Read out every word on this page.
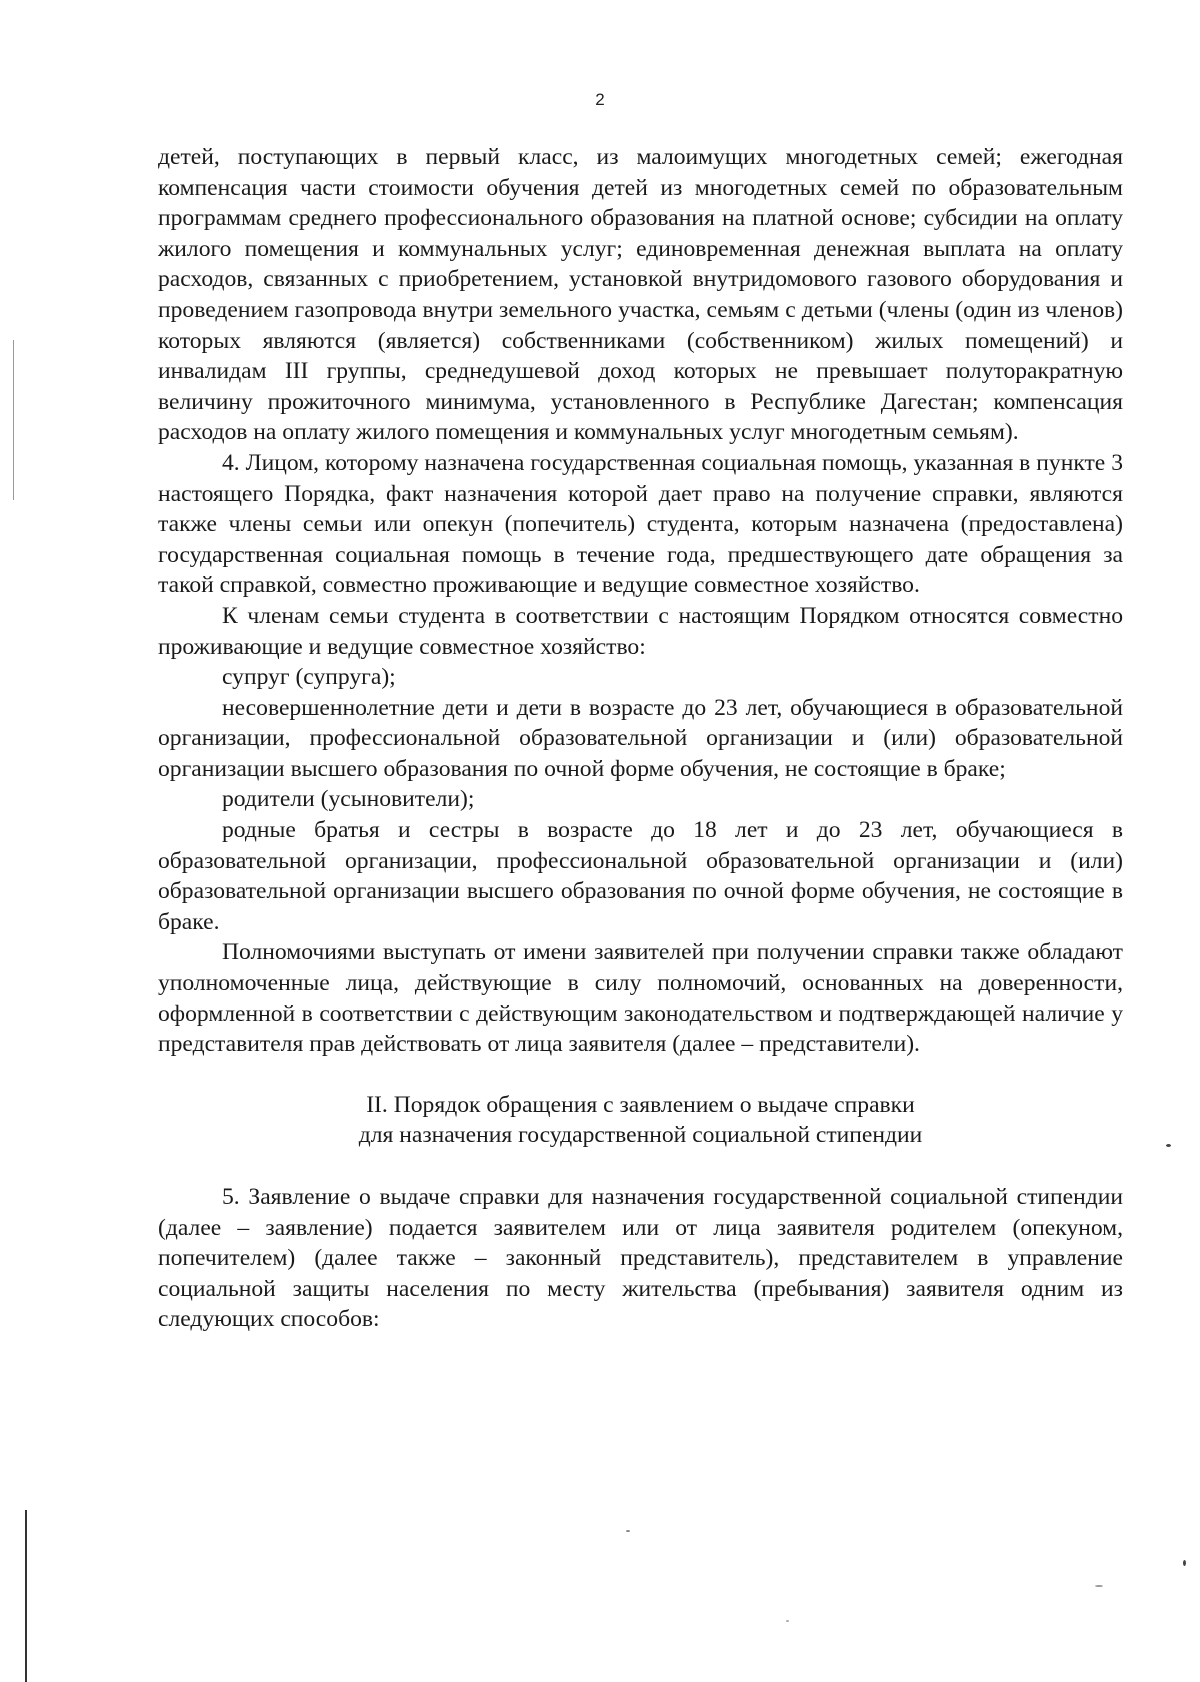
2

детей, поступающих в первый класс, из малоимущих многодетных семей; ежегодная компенсация части стоимости обучения детей из многодетных семей по образовательным программам среднего профессионального образования на платной основе; субсидии на оплату жилого помещения и коммунальных услуг; единовременная денежная выплата на оплату расходов, связанных с приобретением, установкой внутридомового газового оборудования и проведением газопровода внутри земельного участка, семьям с детьми (члены (один из членов) которых являются (является) собственниками (собственником) жилых помещений) и инвалидам III группы, среднедушевой доход которых не превышает полуторакратную величину прожиточного минимума, установленного в Республике Дагестан; компенсация расходов на оплату жилого помещения и коммунальных услуг многодетным семьям).

4. Лицом, которому назначена государственная социальная помощь, указанная в пункте 3 настоящего Порядка, факт назначения которой дает право на получение справки, являются также члены семьи или опекун (попечитель) студента, которым назначена (предоставлена) государственная социальная помощь в течение года, предшествующего дате обращения за такой справкой, совместно проживающие и ведущие совместное хозяйство.

К членам семьи студента в соответствии с настоящим Порядком относятся совместно проживающие и ведущие совместное хозяйство:

супруг (супруга);

несовершеннолетние дети и дети в возрасте до 23 лет, обучающиеся в образовательной организации, профессиональной образовательной организации и (или) образовательной организации высшего образования по очной форме обучения, не состоящие в браке;

родители (усыновители);

родные братья и сестры в возрасте до 18 лет и до 23 лет, обучающиеся в образовательной организации, профессиональной образовательной организации и (или) образовательной организации высшего образования по очной форме обучения, не состоящие в браке.

Полномочиями выступать от имени заявителей при получении справки также обладают уполномоченные лица, действующие в силу полномочий, основанных на доверенности, оформленной в соответствии с действующим законодательством и подтверждающей наличие у представителя прав действовать от лица заявителя (далее – представители).

II. Порядок обращения с заявлением о выдаче справки

для назначения государственной социальной стипендии

5. Заявление о выдаче справки для назначения государственной социальной стипендии (далее – заявление) подается заявителем или от лица заявителя родителем (опекуном, попечителем) (далее также – законный представитель), представителем в управление социальной защиты населения по месту жительства (пребывания) заявителя одним из следующих способов:
